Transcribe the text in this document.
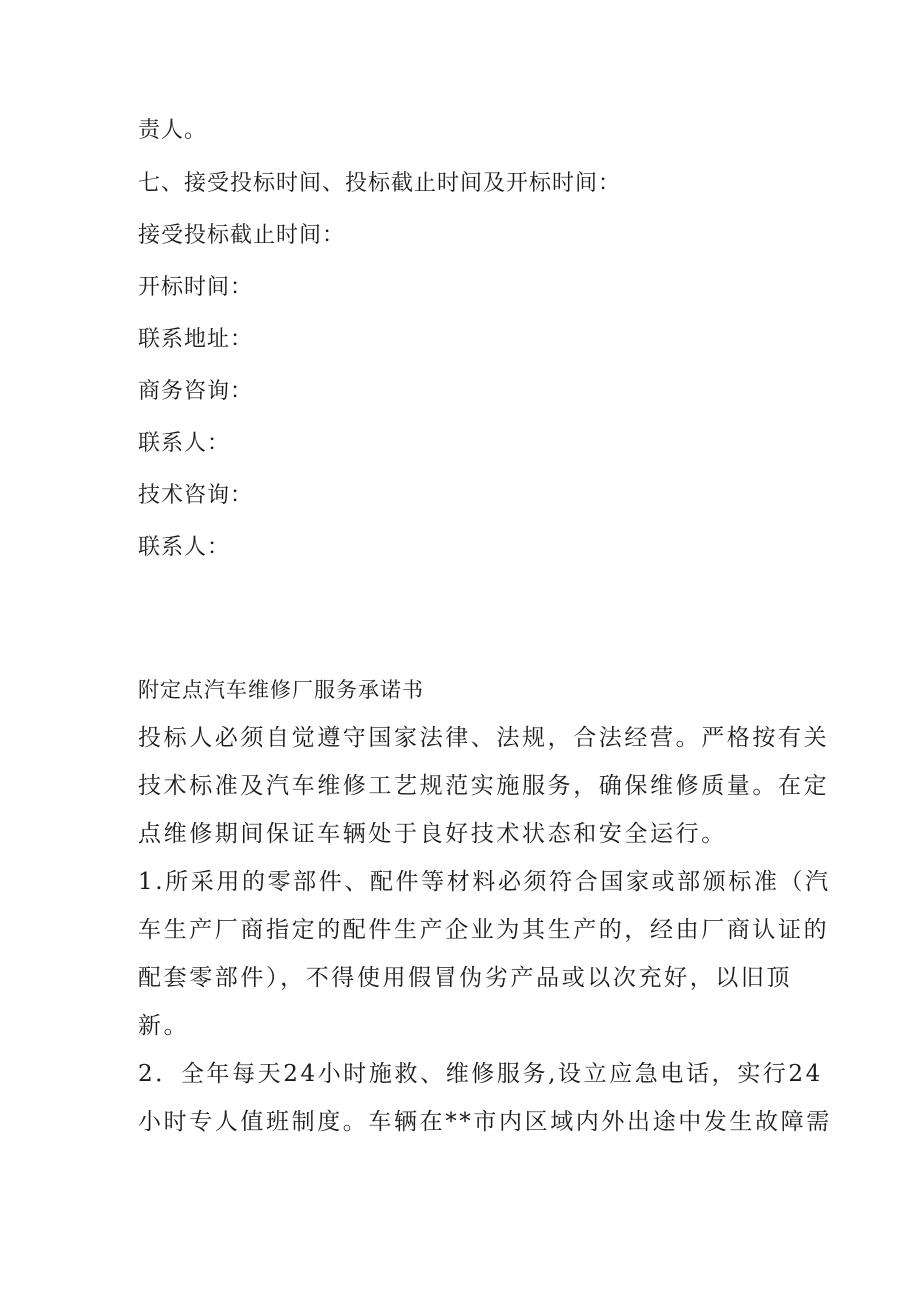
责人。

七、接受投标时间、投标截止时间及开标时间：

接受投标截止时间：

开标时间：

联系地址：

商务咨询：

联系人：

技术咨询：

联系人：

附定点汽车维修厂服务承诺书

投标人必须自觉遵守国家法律、法规，合法经营。严格按有关

技术标准及汽车维修工艺规范实施服务，确保维修质量。在定

点维修期间保证车辆处于良好技术状态和安全运行。

1.所采用的零部件、配件等材料必须符合国家或部颁标准（汽

车生产厂商指定的配件生产企业为其生产的，经由厂商认证的

配套零部件），不得使用假冒伪劣产品或以次充好，以旧顶

新。

2．全年每天24小时施救、维修服务,设立应急电话，实行24

小时专人值班制度。车辆在**市内区域内外出途中发生故障需
